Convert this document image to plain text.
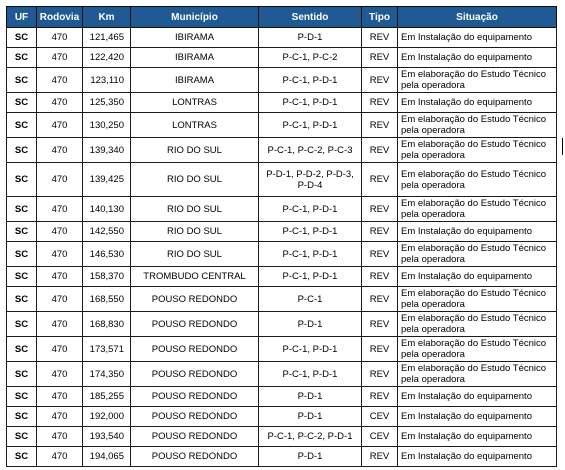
UF	Rodovia	Km	Município	Sentido	Tipo	Situação
SC	470	121,465	IBIRAMA	P-D-1	REV	Em Instalação do equipamento
SC	470	122,420	IBIRAMA	P-C-1, P-C-2	REV	Em Instalação do equipamento
SC	470	123,110	IBIRAMA	P-C-1, P-D-1	REV	Em elaboração do Estudo Técnico pela operadora
SC	470	125,350	LONTRAS	P-C-1, P-D-1	REV	Em Instalação do equipamento
SC	470	130,250	LONTRAS	P-C-1, P-D-1	REV	Em elaboração do Estudo Técnico pela operadora
SC	470	139,340	RIO DO SUL	P-C-1, P-C-2, P-C-3	REV	Em elaboração do Estudo Técnico pela operadora
SC	470	139,425	RIO DO SUL	P-D-1, P-D-2, P-D-3, P-D-4	REV	Em elaboração do Estudo Técnico pela operadora
SC	470	140,130	RIO DO SUL	P-C-1, P-D-1	REV	Em elaboração do Estudo Técnico pela operadora
SC	470	142,550	RIO DO SUL	P-C-1, P-D-1	REV	Em Instalação do equipamento
SC	470	146,530	RIO DO SUL	P-C-1, P-D-1	REV	Em elaboração do Estudo Técnico pela operadora
SC	470	158,370	TROMBUDO CENTRAL	P-C-1, P-D-1	REV	Em Instalação do equipamento
SC	470	168,550	POUSO REDONDO	P-C-1	REV	Em elaboração do Estudo Técnico pela operadora
SC	470	168,830	POUSO REDONDO	P-D-1	REV	Em elaboração do Estudo Técnico pela operadora
SC	470	173,571	POUSO REDONDO	P-C-1, P-D-1	REV	Em elaboração do Estudo Técnico pela operadora
SC	470	174,350	POUSO REDONDO	P-C-1, P-D-1	REV	Em elaboração do Estudo Técnico pela operadora
SC	470	185,255	POUSO REDONDO	P-D-1	REV	Em Instalação do equipamento
SC	470	192,000	POUSO REDONDO	P-D-1	CEV	Em Instalação do equipamento
SC	470	193,540	POUSO REDONDO	P-C-1, P-C-2, P-D-1	CEV	Em Instalação do equipamento
SC	470	194,065	POUSO REDONDO	P-D-1	REV	Em Instalação do equipamento
